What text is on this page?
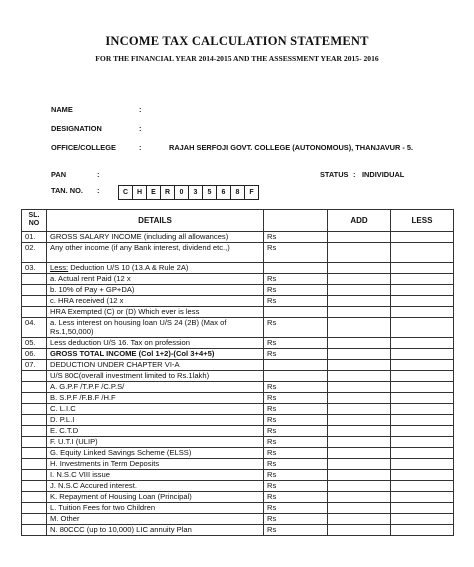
INCOME TAX CALCULATION STATEMENT
FOR THE FINANCIAL YEAR 2014-2015 AND THE ASSESSMENT YEAR 2015- 2016
NAME	:
DESIGNATION	:
OFFICE/COLLEGE	:	RAJAH SERFOJI GOVT. COLLEGE (AUTONOMOUS), THANJAVUR - 5.
PAN	:	STATUS : INDIVIDUAL
TAN. NO. :	C	H	E	R	0	3	5	6	8	F
SL. NO	DETAILS		ADD	LESS
01.	GROSS SALARY INCOME (including all allowances)	Rs		
02.	Any other income (if any Bank interest, dividend etc.,)	Rs		
03.	Less: Deduction U/S 10 (13.A & Rule 2A)			
	a. Actual rent Paid (12 x	Rs		
	b. 10% of Pay + GP+DA)	Rs		
	c. HRA received (12 x	Rs		
	HRA Exempted (C) or (D) Which ever is less			
04.	a. Less interest on housing loan U/S 24 (2B) (Max of Rs.1,50,000)	Rs		
05.	Less deduction U/S 16. Tax on profession	Rs		
06.	GROSS TOTAL INCOME (Col 1+2)-(Col 3+4+5)	Rs		
07.	DEDUCTION UNDER CHAPTER VI-A			
	U/S 80C(overall investment limited to Rs.1lakh)			
	A. G.P.F /T.P.F /C.P.S/	Rs		
	B. S.P.F /F.B.F /H.F	Rs		
	C. L.I.C	Rs		
	D. P.L.I	Rs		
	E. C.T.D	Rs		
	F. U.T.I (ULIP)	Rs		
	G. Equity Linked Savings Scheme (ELSS)	Rs		
	H. Investments in Term Deposits	Rs		
	I. N.S.C VIII issue	Rs		
	J. N.S.C Accured interest.	Rs		
	K. Repayment of Housing Loan (Principal)	Rs		
	L. Tuition Fees for two Children	Rs		
	M. Other	Rs		
	N. 80CCC (up to 10,000) LIC annuity Plan	Rs		
